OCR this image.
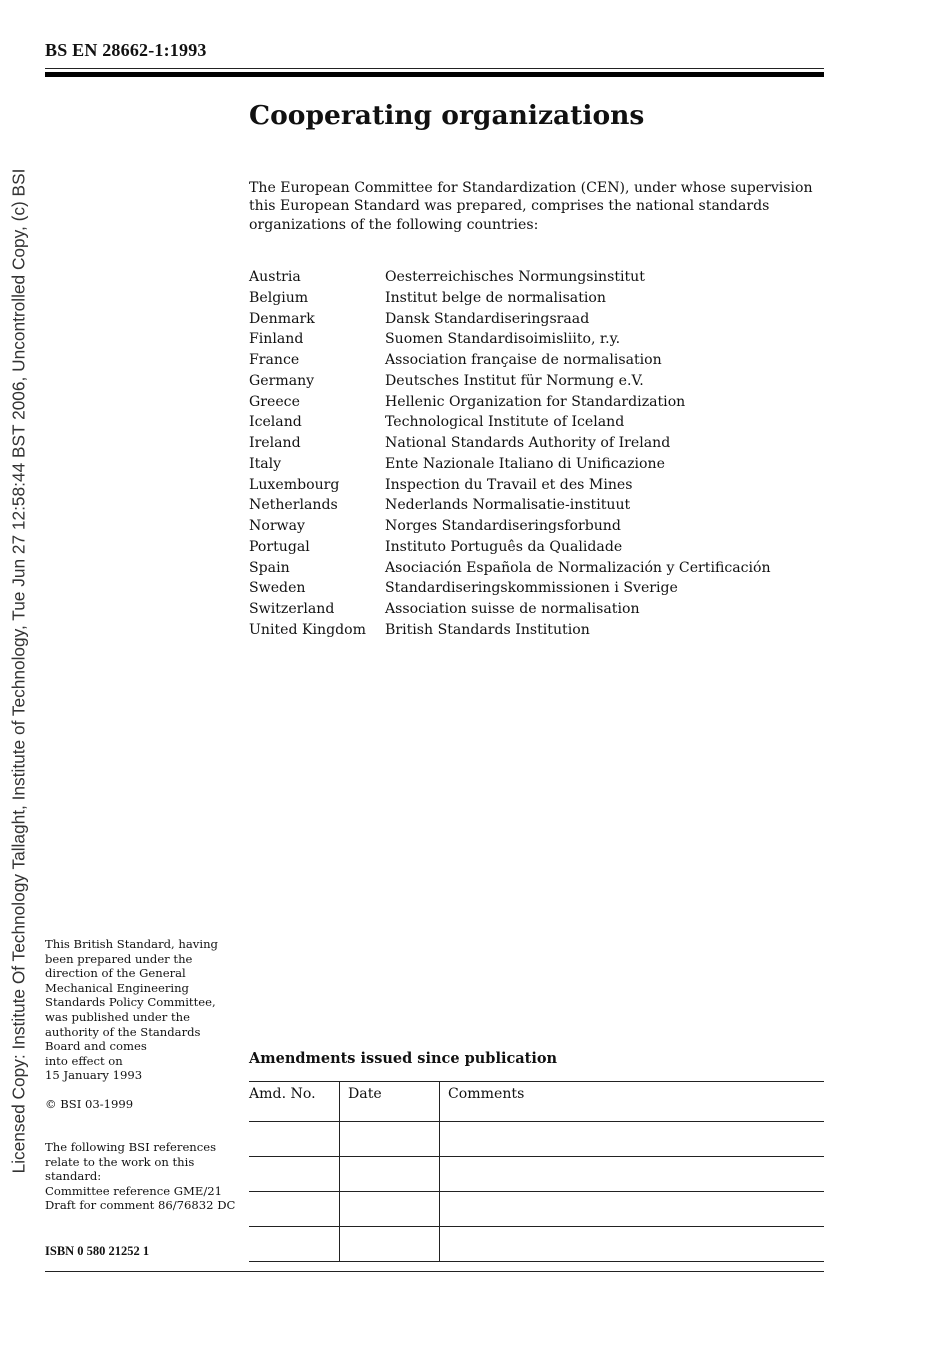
BS EN 28662-1:1993
Licensed Copy: Institute Of Technology Tallaght, Institute of Technology, Tue Jun 27 12:58:44 BST 2006, Uncontrolled Copy, (c) BSI
Cooperating organizations

The European Committee for Standardization (CEN), under whose supervision this European Standard was prepared, comprises the national standards organizations of the following countries:

Austria	Oesterreichisches Normungsinstitut
Belgium	Institut belge de normalisation
Denmark	Dansk Standardiseringsraad
Finland	Suomen Standardisoimisliito, r.y.
France	Association française de normalisation
Germany	Deutsches Institut für Normung e.V.
Greece	Hellenic Organization for Standardization
Iceland	Technological Institute of Iceland
Ireland	National Standards Authority of Ireland
Italy	Ente Nazionale Italiano di Unificazione
Luxembourg	Inspection du Travail et des Mines
Netherlands	Nederlands Normalisatie-instituut
Norway	Norges Standardiseringsforbund
Portugal	Instituto Português da Qualidade
Spain	Asociación Española de Normalización y Certificación
Sweden	Standardiseringskommissionen i Sverige
Switzerland	Association suisse de normalisation
United Kingdom	British Standards Institution
This British Standard, having
been prepared under the
direction of the General
Mechanical Engineering
Standards Policy Committee,
was published under the
authority of the Standards
Board and comes
into effect on
15 January 1993
© BSI 03-1999
The following BSI references
relate to the work on this
standard:
Committee reference GME/21
Draft for comment 86/76832 DC
ISBN 0 580 21252 1
Amendments issued since publication
Amd. No.	Date	Comments
